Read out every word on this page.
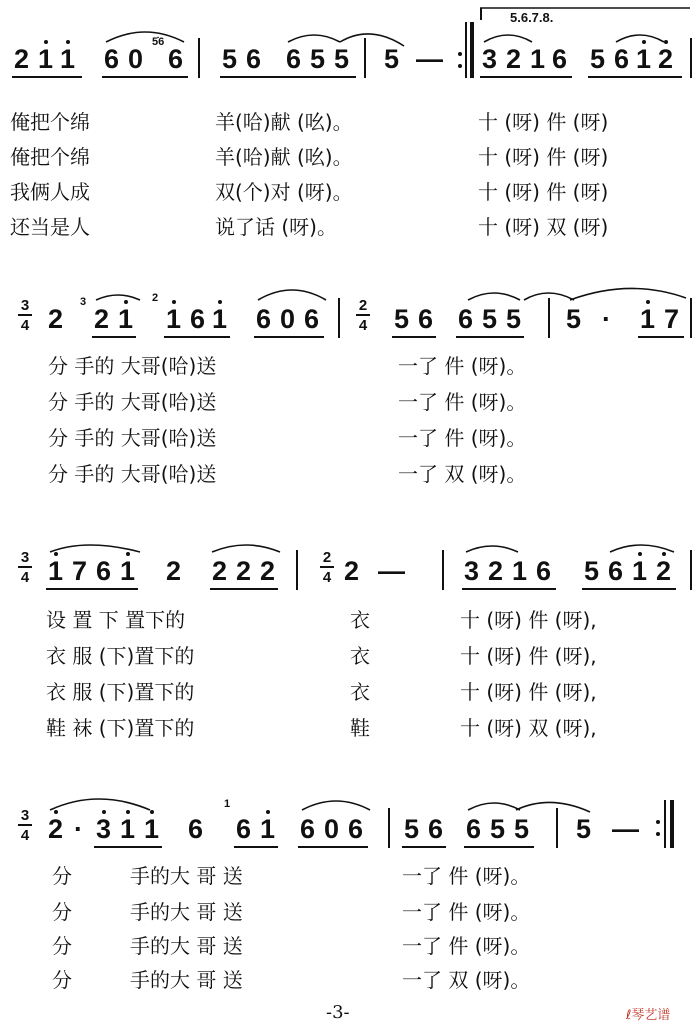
5.6.7.8.
2 1 1 6 0 6
5̇6
5 6 6 5 5 5 — 3 2 1 6 5 6 1 2
俺把个绵	羊(哈)献 (吆)。	十 (呀) 件 (呀)
俺把个绵	羊(哈)献 (吆)。	十 (呀) 件 (呀)
我俩人成	双(个)对 (呀)。	十 (呀) 件 (呀)
还当是人	说了话 (呀)。	十 (呀) 双 (呀)
3
4 2
3
2 1
2
1 6 1 6 0 6	2
4 5 6 6 5 5 5 · 1 7
分 手的 大哥(哈)送	一了 件 (呀)。
分 手的 大哥(哈)送	一了 件 (呀)。
分 手的 大哥(哈)送	一了 件 (呀)。
分 手的 大哥(哈)送	一了 双 (呀)。
3
4 1 7 6 1 2 2 2 2	2
4 2 — 3 2 1 6 5 6 1 2
设 置 下 置下的	衣	十 (呀) 件 (呀),
衣 服 (下)置下的	衣	十 (呀) 件 (呀),
衣 服 (下)置下的	衣	十 (呀) 件 (呀),
鞋 袜 (下)置下的	鞋	十 (呀) 双 (呀),
3
4 2 · 3 1 1 6
1
6 1 6 0 6 5 6 6 5 5 5 —
分	手的大 哥 送	一了 件 (呀)。
分	手的大 哥 送	一了 件 (呀)。
分	手的大 哥 送	一了 件 (呀)。
分	手的大 哥 送	一了 双 (呀)。
-3-	ℓ琴艺谱
